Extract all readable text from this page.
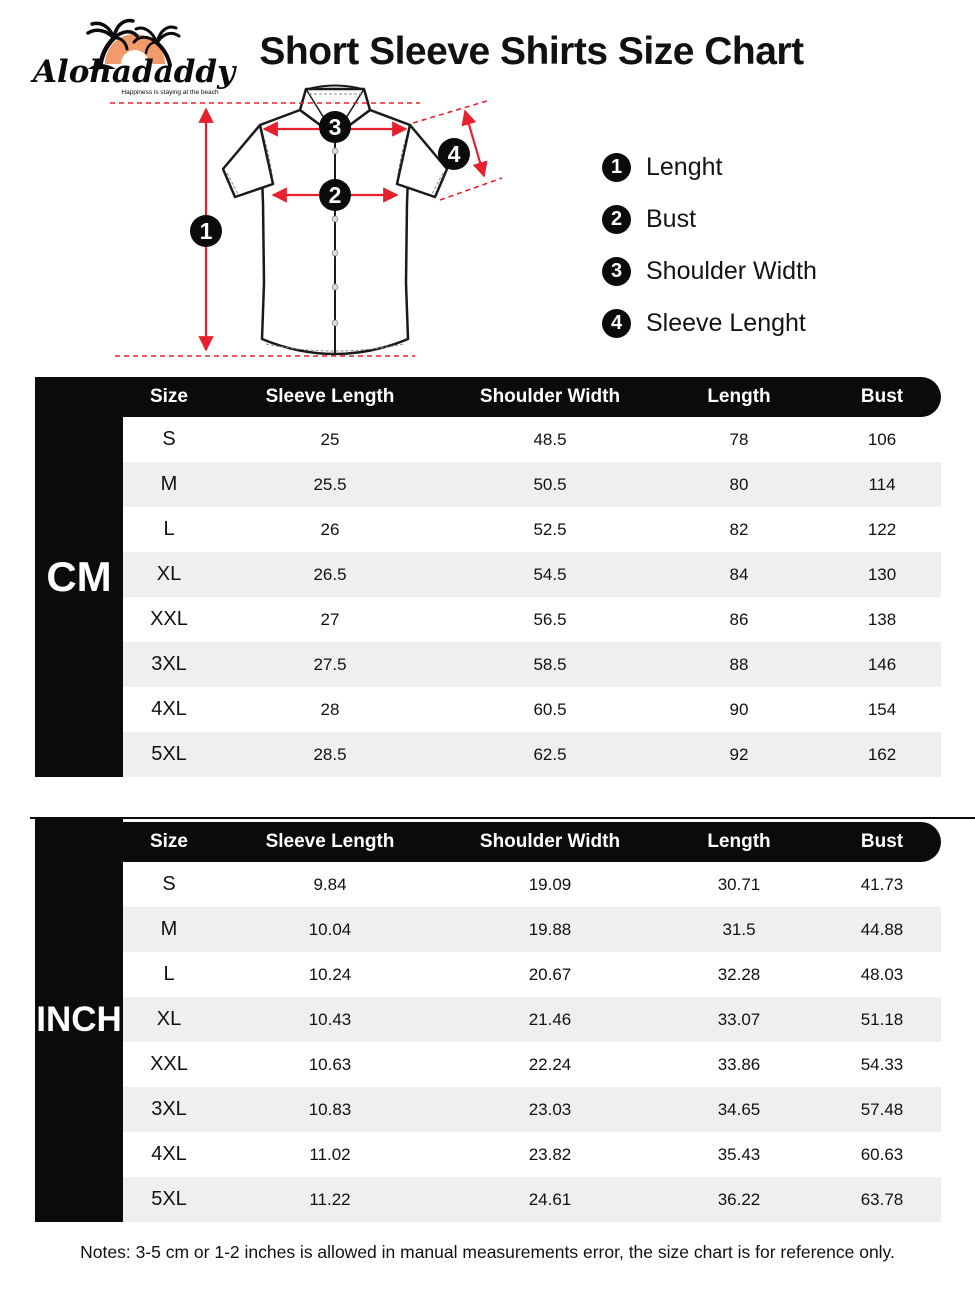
Alohadaddy
Happiness is staying at the beach
Short Sleeve Shirts Size Chart
1
2
3
4	1 Lenght
2 Bust
3 Shoulder Width
4 Sleeve Lenght
Size	Sleeve Length	Shoulder Width	Length	Bust
CM
S	25	48.5	78	106
M	25.5	50.5	80	114
L	26	52.5	82	122
XL	26.5	54.5	84	130
XXL	27	56.5	86	138
3XL	27.5	58.5	88	146
4XL	28	60.5	90	154
5XL	28.5	62.5	92	162
Size	Sleeve Length	Shoulder Width	Length	Bust
INCH
S	9.84	19.09	30.71	41.73
M	10.04	19.88	31.5	44.88
L	10.24	20.67	32.28	48.03
XL	10.43	21.46	33.07	51.18
XXL	10.63	22.24	33.86	54.33
3XL	10.83	23.03	34.65	57.48
4XL	11.02	23.82	35.43	60.63
5XL	11.22	24.61	36.22	63.78
Notes: 3-5 cm or 1-2 inches is allowed in manual measurements error, the size chart is for reference only.
